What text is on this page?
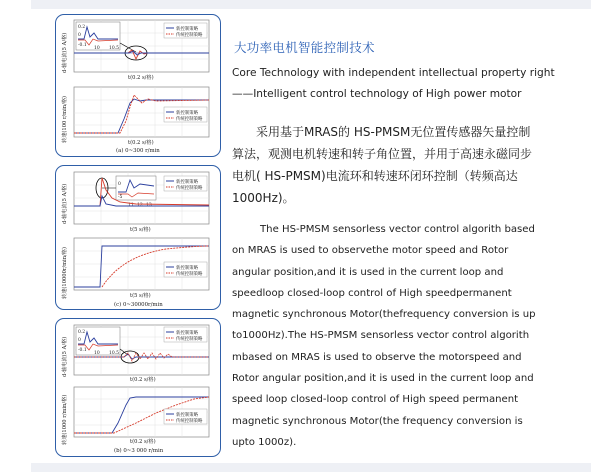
d-轴电流(5 A/格)
0.2
0
-0.1
10 10.5
新控制策略
传统控制策略
t(0.2 s/格)
转速(100 r/min/格)	新控制策略
传统控制策略
t(0.2 s/格)
(a) 0~300 r/min
d-轴电流(5 A/格)	0
-5
11 12 13
新控制策略
传统控制策略
t(5 s/格)
转速(10000r/min/格)	新控制策略
传统控制策略
t(5 s/格)
(c) 0~30000r/min
d-轴电流(5 A/格)
0.2
0
-0.1
10 10.5
新控制策略
传统控制策略
t(0.2 s/格)
转速(1000 r/min/格)	新控制策略
传统控制策略
t(0.2 s/格)
(b) 0~3 000 r/min
大功率电机智能控制技术
Core Technology with independent intellectual property right
——Intelligent control technology of High power motor

采用基于MRAS的 HS-PMSM无位置传感器矢量控制算法，观测电机转速和转子角位置，并用于高速永磁同步电机( HS-PMSM)电流环和转速环闭环控制（转频高达1000Hz)。

The HS-PMSM sensorless vector control algorith based on MRAS is used to observethe motor speed and Rotor angular position,and it is used in the current loop and speedloop closed-loop control of High speedpermanent magnetic synchronous Motor(thefrequency conversion is up to1000Hz).The HS-PMSM sensorless vector control algorith mbased on MRAS is used to observe the motorspeed and Rotor angular position,and it is used in the current loop and speed loop closed-loop control of High speed permanent magnetic synchronous Motor(the frequency conversion is upto 1000z).
